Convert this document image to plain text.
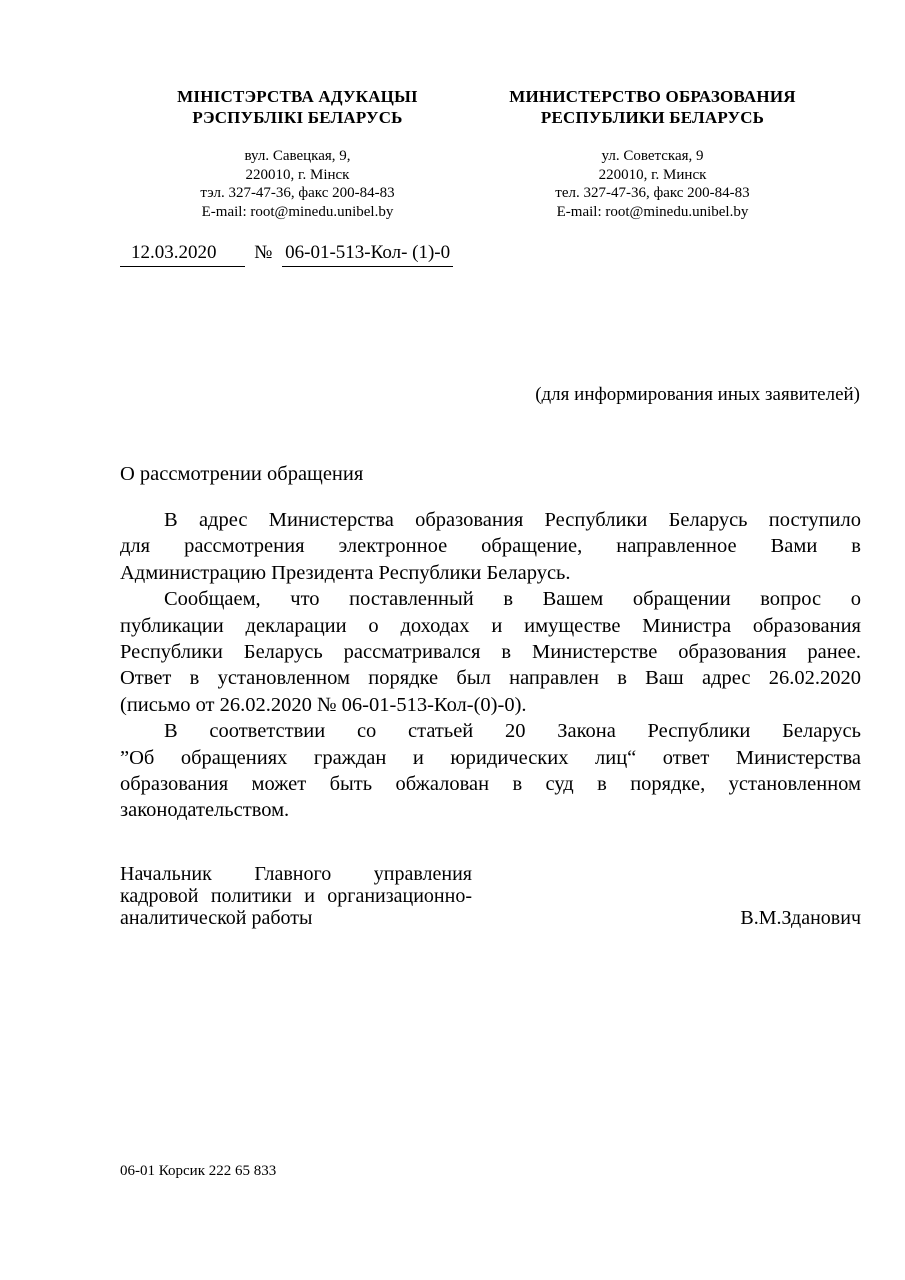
МІНІСТЭРСТВА АДУКАЦЫІ
РЭСПУБЛІКІ БЕЛАРУСЬ
вул. Савецкая, 9,
220010, г. Мінск
тэл. 327-47-36, факс 200-84-83
E-mail: root@minedu.unibel.by
МИНИСТЕРСТВО ОБРАЗОВАНИЯ
РЕСПУБЛИКИ БЕЛАРУСЬ
ул. Советская, 9
220010, г. Минск
тел. 327-47-36, факс 200-84-83
E-mail: root@minedu.unibel.by
12.03.2020 № 06-01-513-Кол- (1)-0
(для информирования иных заявителей)
О рассмотрении обращения
В адрес Министерства образования Республики Беларусь поступило
для рассмотрения электронное обращение, направленное Вами в
Администрацию Президента Республики Беларусь.
Сообщаем, что поставленный в Вашем обращении вопрос о
публикации декларации о доходах и имуществе Министра образования
Республики Беларусь рассматривался в Министерстве образования ранее.
Ответ в установленном порядке был направлен в Ваш адрес 26.02.2020
(письмо от 26.02.2020 № 06-01-513-Кол-(0)-0).
В соответствии со статьей 20 Закона Республики Беларусь
”Об обращениях граждан и юридических лиц“ ответ Министерства
образования может быть обжалован в суд в порядке, установленном
законодательством.
Начальник Главного управления
кадровой политики и организационно-
аналитической работы	В.М.Зданович
06-01 Корсик 222 65 833
